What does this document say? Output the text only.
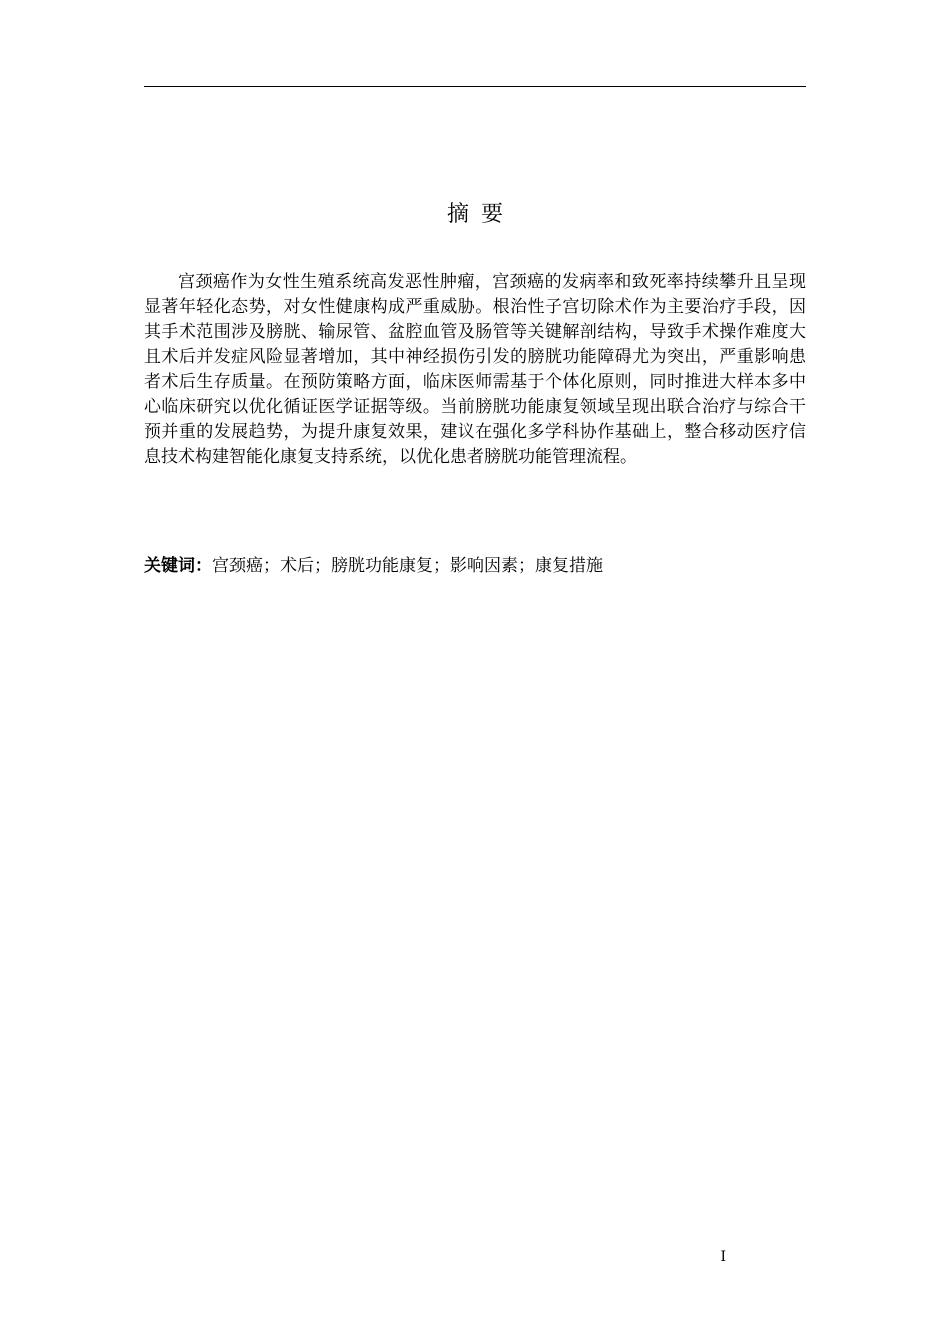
摘要

宫颈癌作为女性生殖系统高发恶性肿瘤，宫颈癌的发病率和致死率持续攀升且呈现显著年轻化态势，对女性健康构成严重威胁。根治性子宫切除术作为主要治疗手段，因其手术范围涉及膀胱、输尿管、盆腔血管及肠管等关键解剖结构，导致手术操作难度大且术后并发症风险显著增加，其中神经损伤引发的膀胱功能障碍尤为突出，严重影响患者术后生存质量。在预防策略方面，临床医师需基于个体化原则，同时推进大样本多中心临床研究以优化循证医学证据等级。当前膀胱功能康复领域呈现出联合治疗与综合干预并重的发展趋势，为提升康复效果，建议在强化多学科协作基础上，整合移动医疗信息技术构建智能化康复支持系统，以优化患者膀胱功能管理流程。

关键词：宫颈癌；术后；膀胱功能康复；影响因素；康复措施

I
